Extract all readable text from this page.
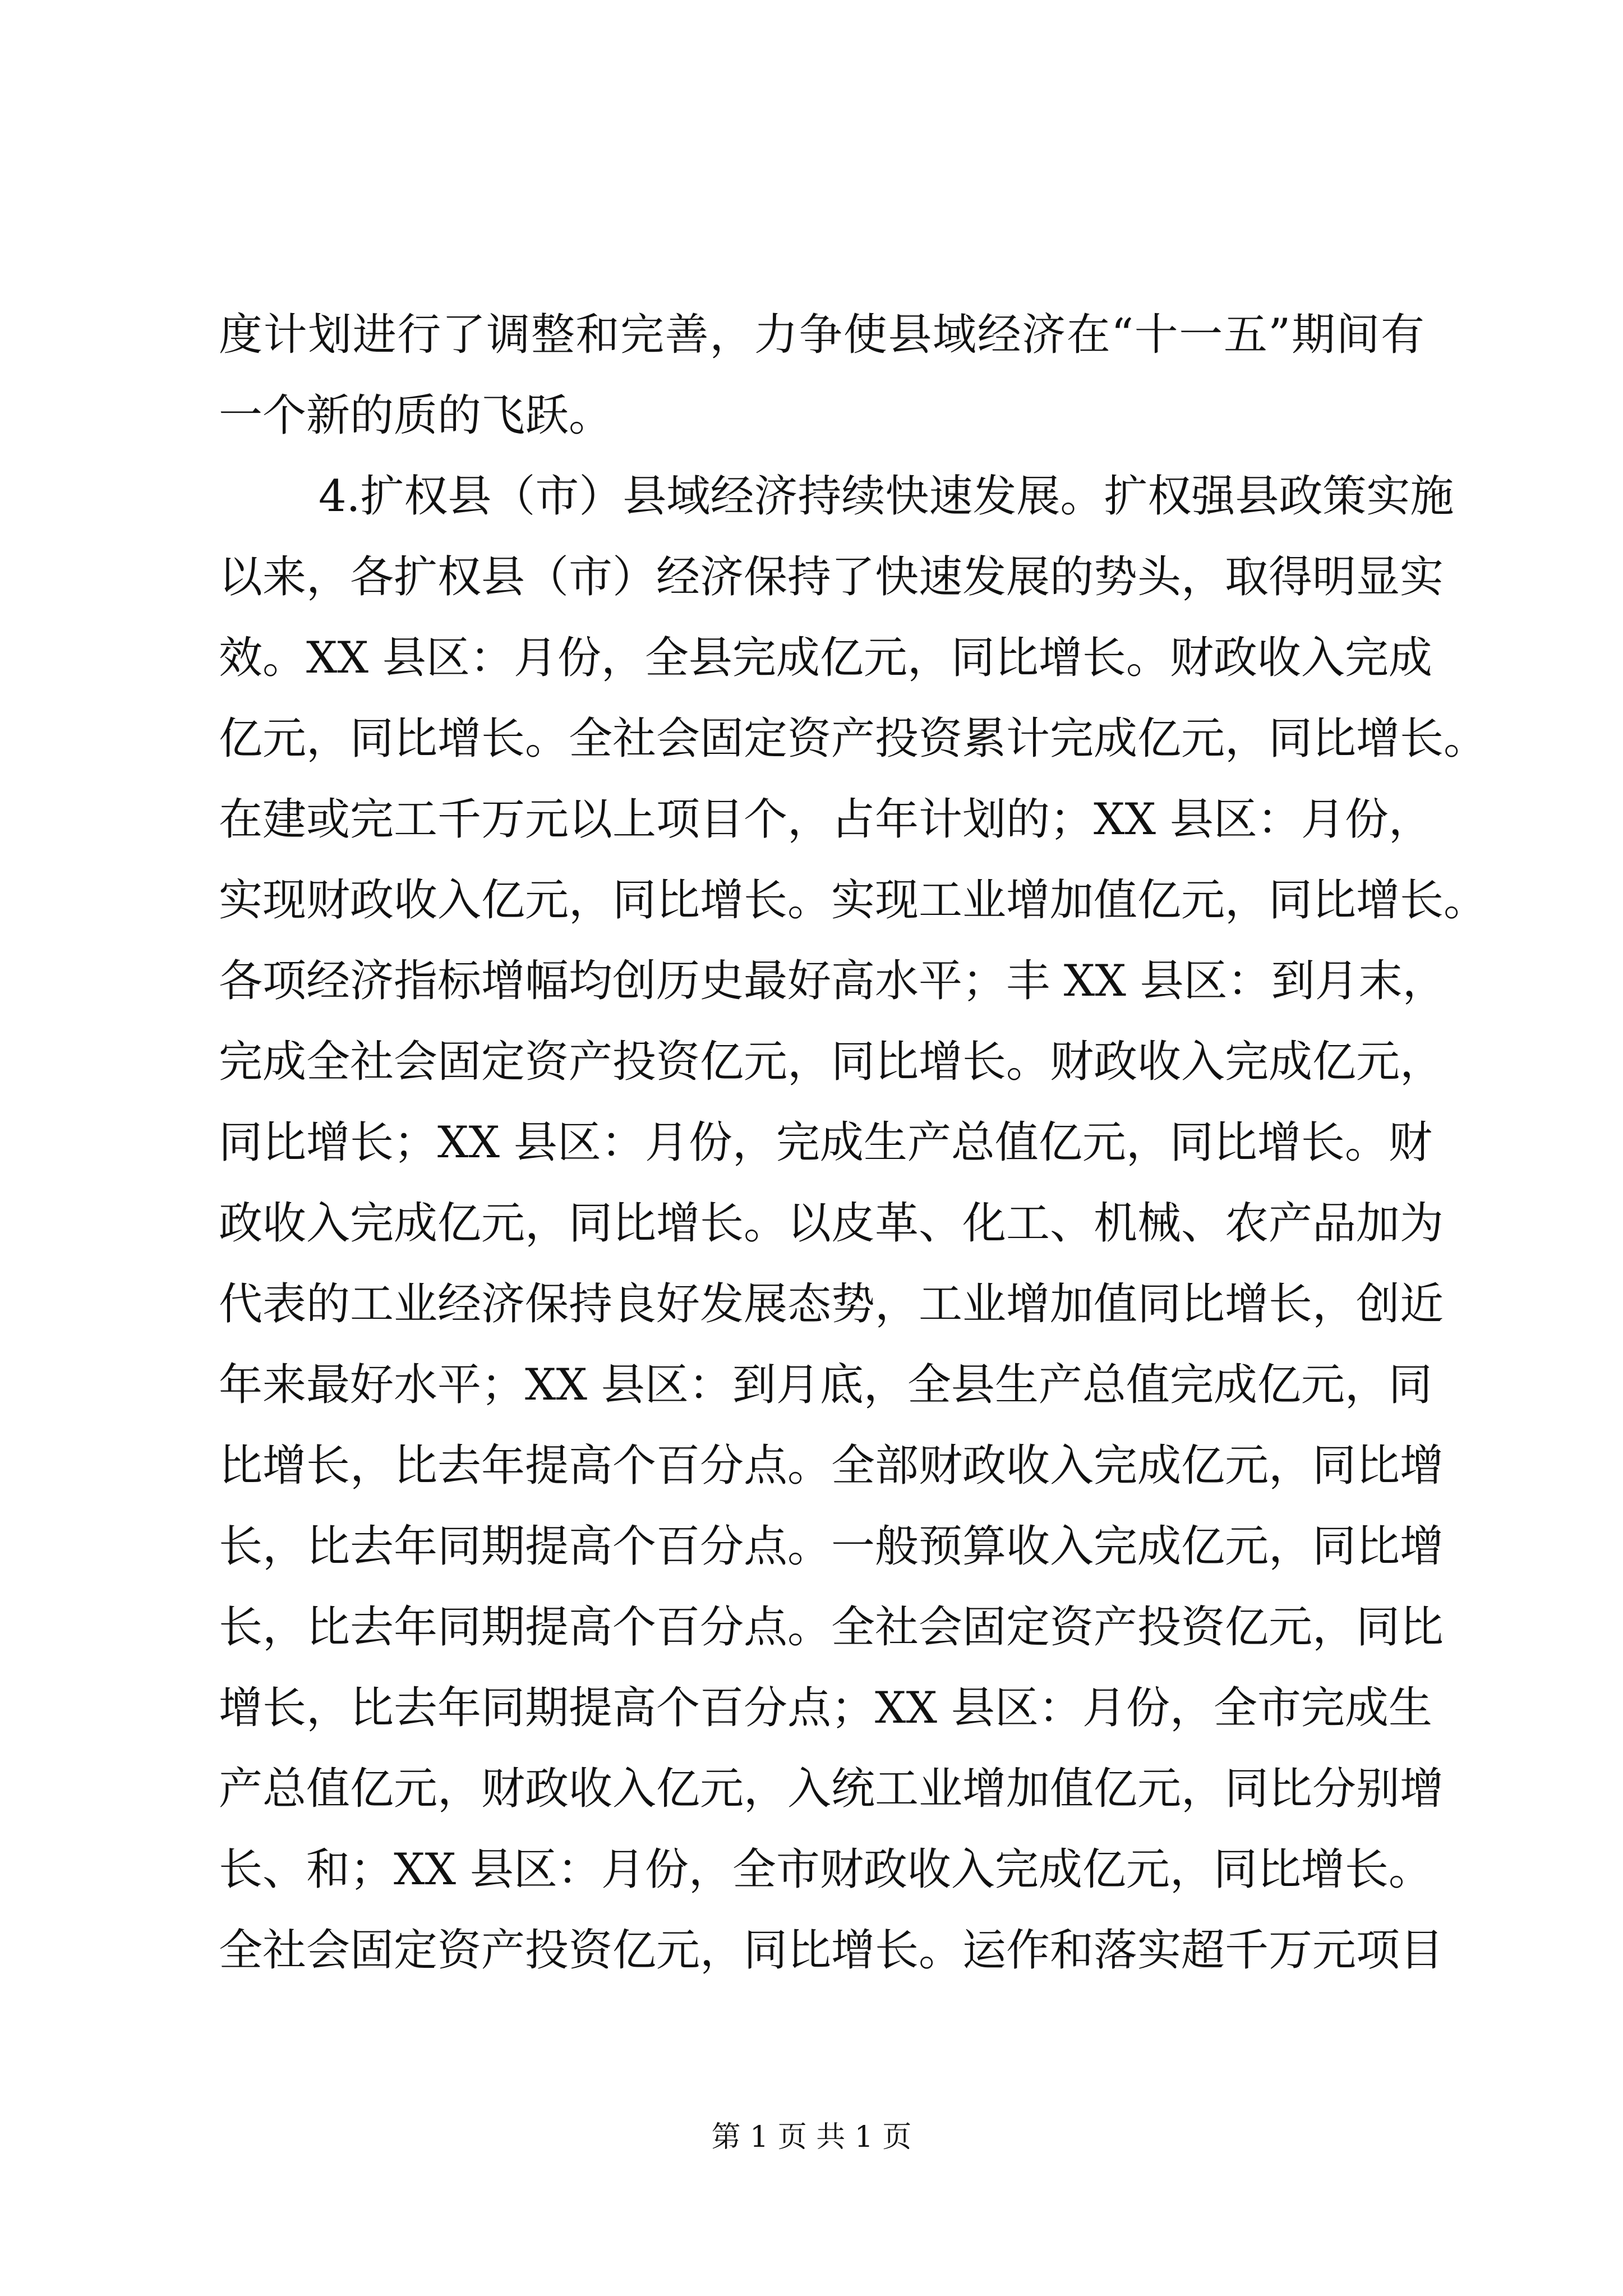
度计划进行了调整和完善，力争使县域经济在“十一五”期间有
一个新的质的飞跃。
4.扩权县（市）县域经济持续快速发展。扩权强县政策实施
以来，各扩权县（市）经济保持了快速发展的势头，取得明显实
效。XX 县区：月份，全县完成亿元，同比增长。财政收入完成
亿元，同比增长。全社会固定资产投资累计完成亿元，同比增长。
在建或完工千万元以上项目个，占年计划的；XX 县区：月份，
实现财政收入亿元，同比增长。实现工业增加值亿元，同比增长。
各项经济指标增幅均创历史最好高水平；丰 XX 县区：到月末，
完成全社会固定资产投资亿元，同比增长。财政收入完成亿元，
同比增长；XX 县区：月份，完成生产总值亿元，同比增长。财
政收入完成亿元，同比增长。以皮革、化工、机械、农产品加为
代表的工业经济保持良好发展态势，工业增加值同比增长，创近
年来最好水平；XX 县区：到月底，全县生产总值完成亿元，同
比增长，比去年提高个百分点。全部财政收入完成亿元，同比增
长，比去年同期提高个百分点。一般预算收入完成亿元，同比增
长，比去年同期提高个百分点。全社会固定资产投资亿元，同比
增长，比去年同期提高个百分点；XX 县区：月份，全市完成生
产总值亿元，财政收入亿元，入统工业增加值亿元，同比分别增
长、和；XX 县区：月份，全市财政收入完成亿元，同比增长。
全社会固定资产投资亿元，同比增长。运作和落实超千万元项目
第 1 页 共 1 页
